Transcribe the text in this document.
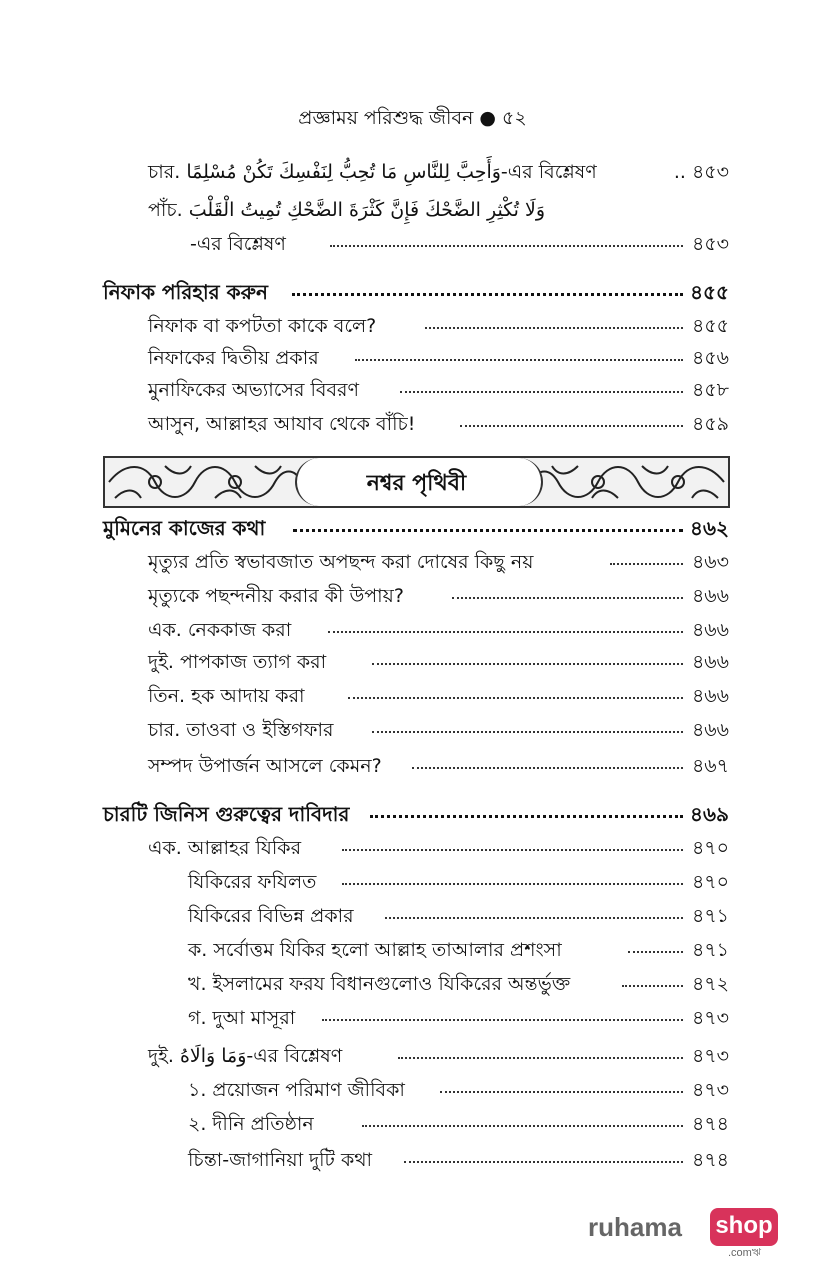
প্রজ্ঞাময় পরিশুদ্ধ জীবন ● ৫২
চার. وَأَحِبَّ لِلنَّاسِ مَا تُحِبُّ لِنَفْسِكَ تَكُنْ مُسْلِمًا-এর বিশ্লেষণ	.. ৪৫৩
পাঁচ. وَلَا تُكْثِرِ الضَّحْكَ فَإِنَّ كَثْرَةَ الضَّحْكِ تُمِيتُ الْقَلْبَ
-এর বিশ্লেষণ	৪৫৩
নিফাক পরিহার করুন	৪৫৫
নিফাক বা কপটতা কাকে বলে?	৪৫৫
নিফাকের দ্বিতীয় প্রকার	৪৫৬
মুনাফিকের অভ্যাসের বিবরণ	৪৫৮
আসুন, আল্লাহর আযাব থেকে বাঁচি!	৪৫৯
নশ্বর পৃথিবী
মুমিনের কাজের কথা	৪৬২
মৃত্যুর প্রতি স্বভাবজাত অপছন্দ করা দোষের কিছু নয়	৪৬৩
মৃত্যুকে পছন্দনীয় করার কী উপায়?	৪৬৬
এক. নেককাজ করা	৪৬৬
দুই. পাপকাজ ত্যাগ করা	৪৬৬
তিন. হক আদায় করা	৪৬৬
চার. তাওবা ও ইস্তিগফার	৪৬৬
সম্পদ উপার্জন আসলে কেমন?	৪৬৭
চারটি জিনিস গুরুত্বের দাবিদার	৪৬৯
এক. আল্লাহর যিকির	৪৭০
যিকিরের ফযিলত	৪৭০
যিকিরের বিভিন্ন প্রকার	৪৭১
ক. সর্বোত্তম যিকির হলো আল্লাহ তাআলার প্রশংসা	৪৭১
খ. ইসলামের ফরয বিধানগুলোও যিকিরের অন্তর্ভুক্ত	৪৭২
গ. দুআ মাসূরা	৪৭৩
দুই. وَمَا وَالَاهُ-এর বিশ্লেষণ	৪৭৩
১. প্রয়োজন পরিমাণ জীবিকা	৪৭৩
২. দীনি প্রতিষ্ঠান	৪৭৪
চিন্তা-জাগানিয়া দুটি কথা	৪৭৪
ruhama shop
.comঋ
